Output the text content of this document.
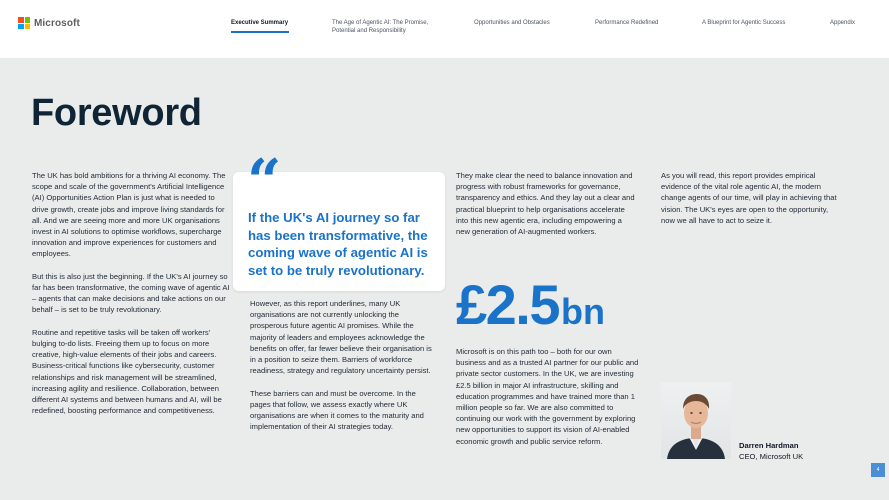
Microsoft	Executive Summary	The Age of Agentic AI: The Promise, Potential and Responsibility
Opportunities and Obstacles	Performance Redefined	A Blueprint for Agentic Success	Appendix
Foreword

The UK has bold ambitions for a thriving AI economy. The scope and scale of the government's Artificial Intelligence (AI) Opportunities Action Plan is just what is needed to drive growth, create jobs and improve living standards for all. And we are seeing more and more UK organisations invest in AI solutions to optimise workflows, supercharge innovation and improve experiences for customers and employees.

But this is also just the beginning. If the UK's AI journey so far has been transformative, the coming wave of agentic AI – agents that can make decisions and take actions on our behalf – is set to be truly revolutionary.

Routine and repetitive tasks will be taken off workers' bulging to-do lists. Freeing them up to focus on more creative, high-value elements of their jobs and careers. Business-critical functions like cybersecurity, customer relationships and risk management will be streamlined, increasing agility and resilience. Collaboration, between different AI systems and between humans and AI, will be redefined, boosting performance and competitiveness.

“
If the UK's AI journey so far has been transformative, the coming wave of agentic AI is set to be truly revolutionary.

However, as this report underlines, many UK organisations are not currently unlocking the prosperous future agentic AI promises. While the majority of leaders and employees acknowledge the benefits on offer, far fewer believe their organisation is in a position to seize them. Barriers of workforce readiness, strategy and regulatory uncertainty persist.

These barriers can and must be overcome. In the pages that follow, we assess exactly where UK organisations are when it comes to the maturity and implementation of their AI strategies today.

They make clear the need to balance innovation and progress with robust frameworks for governance, transparency and ethics. And they lay out a clear and practical blueprint to help organisations accelerate into this new agentic era, including empowering a new generation of AI-augmented workers.

£2.5bn

Microsoft is on this path too – both for our own business and as a trusted AI partner for our public and private sector customers. In the UK, we are investing £2.5 billion in major AI infrastructure, skilling and education programmes and have trained more than 1 million people so far. We are also committed to continuing our work with the government by exploring new opportunities to support its vision of AI-enabled economic growth and public service reform.

As you will read, this report provides empirical evidence of the vital role agentic AI, the modern change agents of our time, will play in achieving that vision. The UK's eyes are open to the opportunity, now we all have to act to seize it.

Darren Hardman
CEO, Microsoft UK
4
